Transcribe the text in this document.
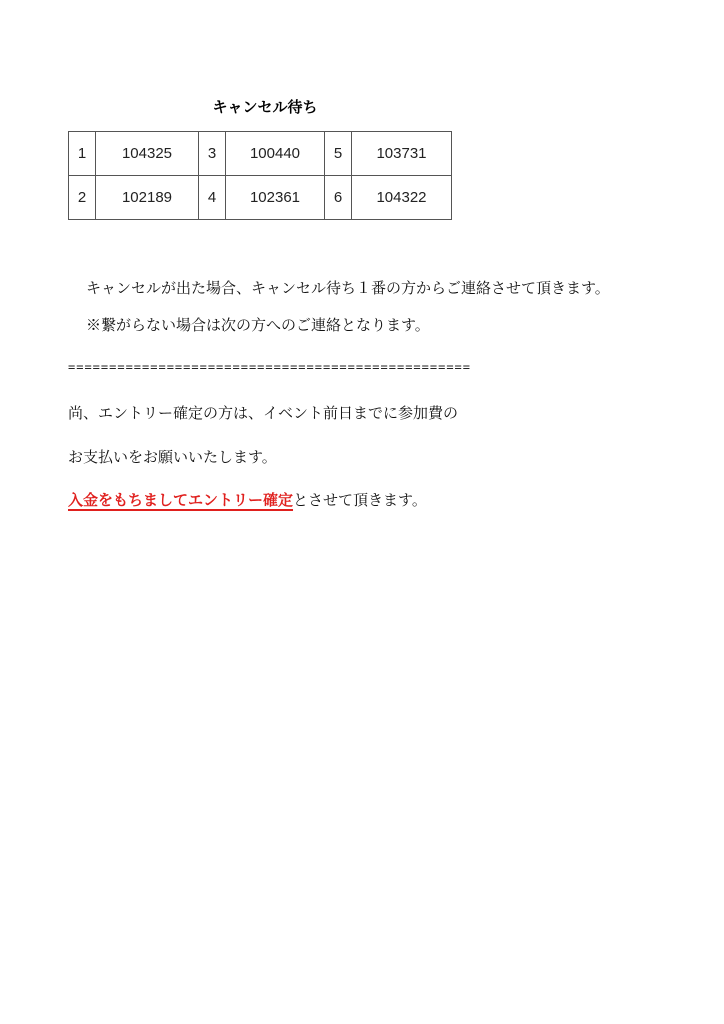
キャンセル待ち
1	104325	3	100440	5	103731
2	102189	4	102361	6	104322
キャンセルが出た場合、キャンセル待ち１番の方からご連絡させて頂きます。
※繋がらない場合は次の方へのご連絡となります。
=================================================
尚、エントリー確定の方は、イベント前日までに参加費の
お支払いをお願いいたします。
入金をもちましてエントリー確定とさせて頂きます。
